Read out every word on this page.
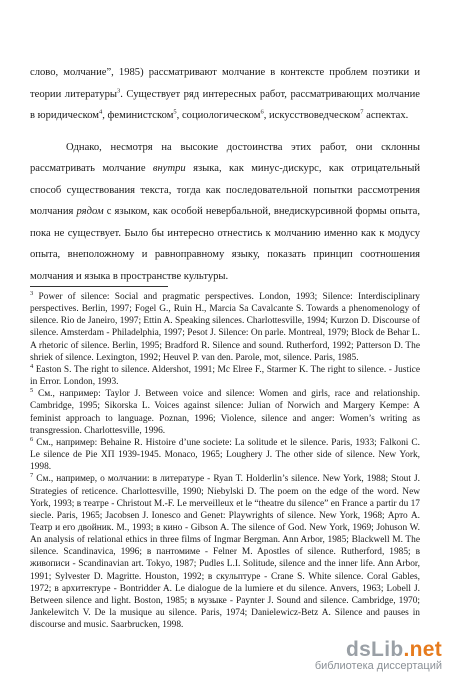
слово, молчание”, 1985) рассматривают молчание в контексте проблем поэтики и теории литературы$^3$. Существует ряд интересных работ, рассматривающих молчание в юридическом$^4$, феминистском$^5$, социологическом$^6$, искусствоведческом$^7$ аспектах.

Однако, несмотря на высокие достоинства этих работ, они склонны рассматривать молчание внутри языка, как минус-дискурс, как отрицательный способ существования текста, тогда как последовательной попытки рассмотрения молчания рядом с языком, как особой невербальной, внедискурсивной формы опыта, пока не существует. Было бы интересно отнестись к молчанию именно как к модусу опыта, внеположному и равноправному языку, показать принцип соотношения молчания и языка в пространстве культуры.

$^3$ Power of silence: Social and pragmatic perspectives. London, 1993; Silence: Interdisciplinary perspectives. Berlin, 1997; Fogel G., Ruin H., Marcia Sa Cavalcante S. Towards a phenomenology of silence. Rio de Janeiro, 1997; Ettin A. Speaking silences. Charlottesville, 1994; Kurzon D. Discourse of silence. Amsterdam - Philadelphia, 1997; Pesot J. Silence: On parle. Montreal, 1979; Block de Behar L. A rhetoric of silence. Berlin, 1995; Bradford R. Silence and sound. Rutherford, 1992; Patterson D. The shriek of silence. Lexington, 1992; Heuvel P. van den. Parole, mot, silence. Paris, 1985.

$^4$ Easton S. The right to silence. Aldershot, 1991; Mc Elree F., Starmer K. The right to silence. - Justice in Error. London, 1993.

$^5$ См., например: Taylor J. Between voice and silence: Women and girls, race and relationship. Cambridge, 1995; Sikorska L. Voices against silence: Julian of Norwich and Margery Kempe: A feminist approach to language. Poznan, 1996; Violence, silence and anger: Women’s writing as transgression. Charlottesville, 1996.

$^6$ См., например: Behaine R. Histoire d’une societe: La solitude et le silence. Paris, 1933; Falkoni C. Le silence de Pie ХП 1939-1945. Monaco, 1965; Loughery J. The other side of silence. New York, 1998.

$^7$ См., например, о молчании: в литературе - Ryan T. Holderlin’s silence. New York, 1988; Stout J. Strategies of reticence. Charlottesville, 1990; Niebylski D. The poem on the edge of the word. New York, 1993; в театре - Christout M.-F. Le merveilleux et le “theatre du silence” en France a partir du 17 siecle. Paris, 1965; Jacobsen J. Ionesco and Genet: Playwrights of silence. New York, 1968; Арто А. Театр и его двойник. М., 1993; в кино - Gibson A. The silence of God. New York, 1969; Johuson W. An analysis of relational ethics in three films of Ingmar Bergman. Ann Arbor, 1985; Blackwell M. The silence. Scandinavica, 1996; в пантомиме - Felner M. Apostles of silence. Rutherford, 1985; в живописи - Scandinavian art. Tokyo, 1987; Pudles L.I. Solitude, silence and the inner life. Ann Arbor, 1991; Sylvester D. Magritte. Houston, 1992; в скульптуре - Crane S. White silence. Coral Gables, 1972; в архитектуре - Bontridder A. Le dialogue de la lumiere et du silence. Anvers, 1963; Lobell J. Between silence and light. Boston, 1985; в музыке - Paynter J. Sound and silence. Cambridge, 1970; Jankelewitch V. De la musique au silence. Paris, 1974; Danielewicz-Betz A. Silence and pauses in discourse and music. Saarbrucken, 1998.

dsLib.net
библиотека диссертаций
